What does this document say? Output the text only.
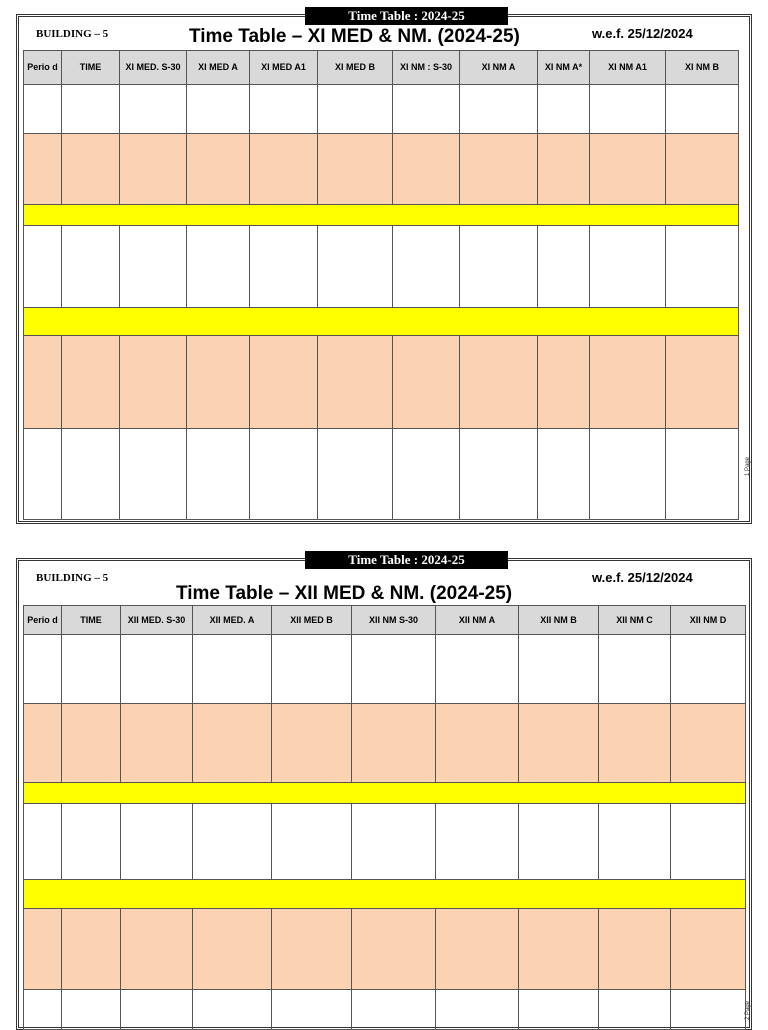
Time Table : 2024-25
BUILDING – 5	Time Table – XI MED & NM. (2024-25)	w.e.f. 25/12/2024
Perio d	TIME	XI MED. S-30	XI MED A	XI MED A1	XI MED B	XI NM : S-30	XI NM A	XI NM A*	XI NM A1	XI NM B

1 Page
Time Table : 2024-25
BUILDING – 5
Time Table – XII MED & NM. (2024-25)
w.e.f. 25/12/2024
Perio d	TIME	XII MED. S-30	XII MED. A	XII MED B	XII NM S-30	XII NM A	XII NM B	XII NM C	XII NM D

2 Page
